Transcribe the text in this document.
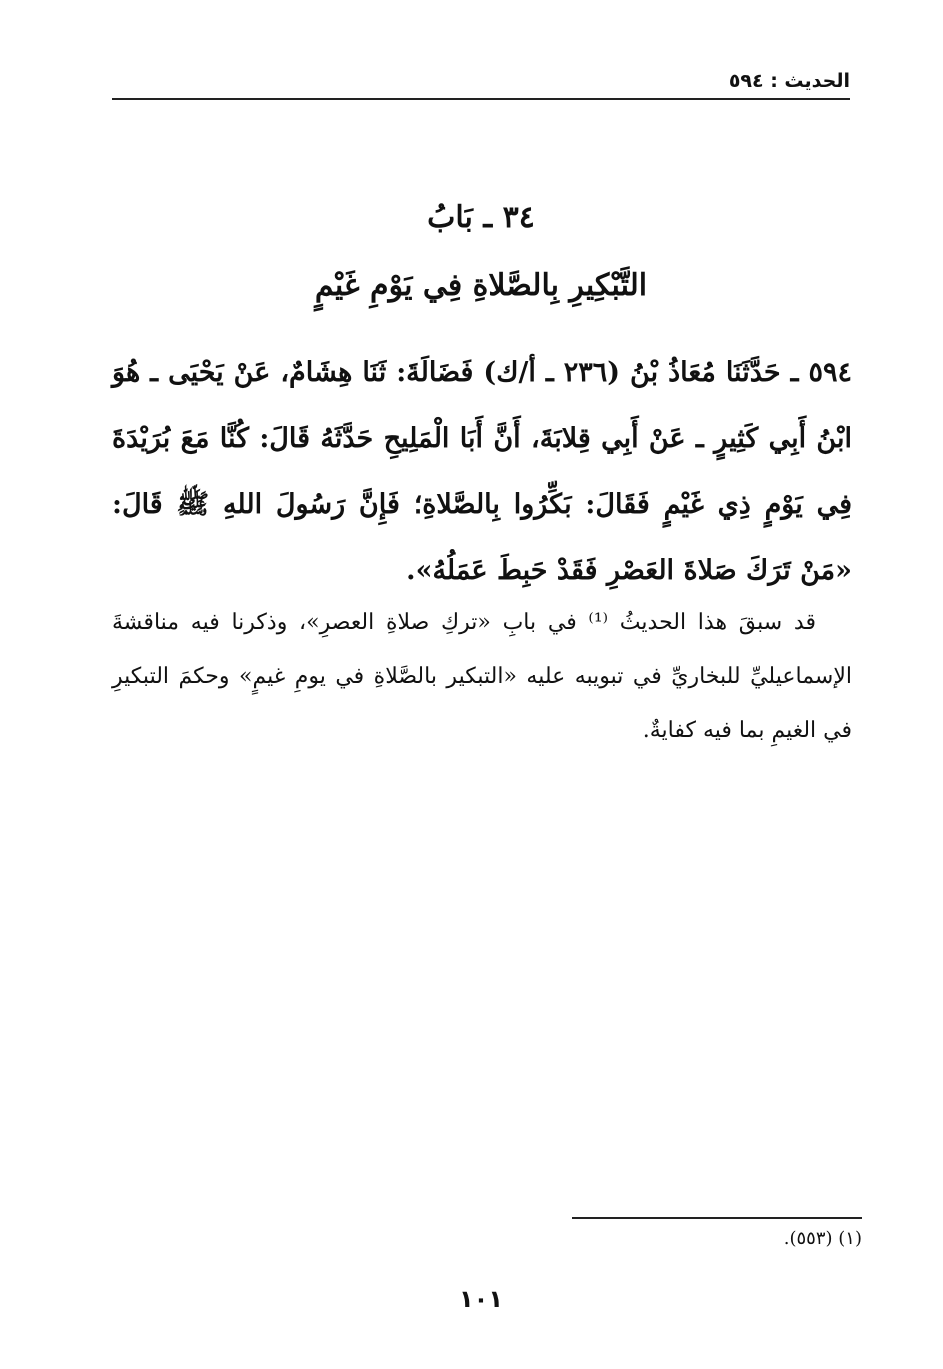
الحديث : ٥٩٤
٣٤ ـ بَابُ
التَّبْكِيرِ بِالصَّلاةِ فِي يَوْمِ غَيْمٍ
٥٩٤ ـ حَدَّثَنَا مُعَاذُ بْنُ (٢٣٦ ـ أ/ك) فَضَالَةَ: ثَنَا هِشَامٌ، عَنْ يَحْيَى ـ هُوَ ابْنُ أَبِي كَثِيرٍ ـ عَنْ أَبِي قِلابَةَ، أَنَّ أَبَا الْمَلِيحِ حَدَّثَهُ قَالَ: كُنَّا مَعَ بُرَيْدَةَ فِي يَوْمٍ ذِي غَيْمٍ فَقَالَ: بَكِّرُوا بِالصَّلاةِ؛ فَإِنَّ رَسُولَ اللهِ ﷺ قَالَ: «مَنْ تَرَكَ صَلاةَ العَصْرِ فَقَدْ حَبِطَ عَمَلُهُ».
قد سبقَ هذا الحديثُ ⁽¹⁾ في بابِ «تركِ صلاةِ العصرِ»، وذكرنا فيه مناقشةَ الإسماعيليِّ للبخاريِّ في تبويبه عليه «التبكير بالصَّلاةِ في يومِ غيمٍ» وحكمَ التبكيرِ في الغيمِ بما فيه كفايةٌ.
(١) (٥٥٣).
١٠١
